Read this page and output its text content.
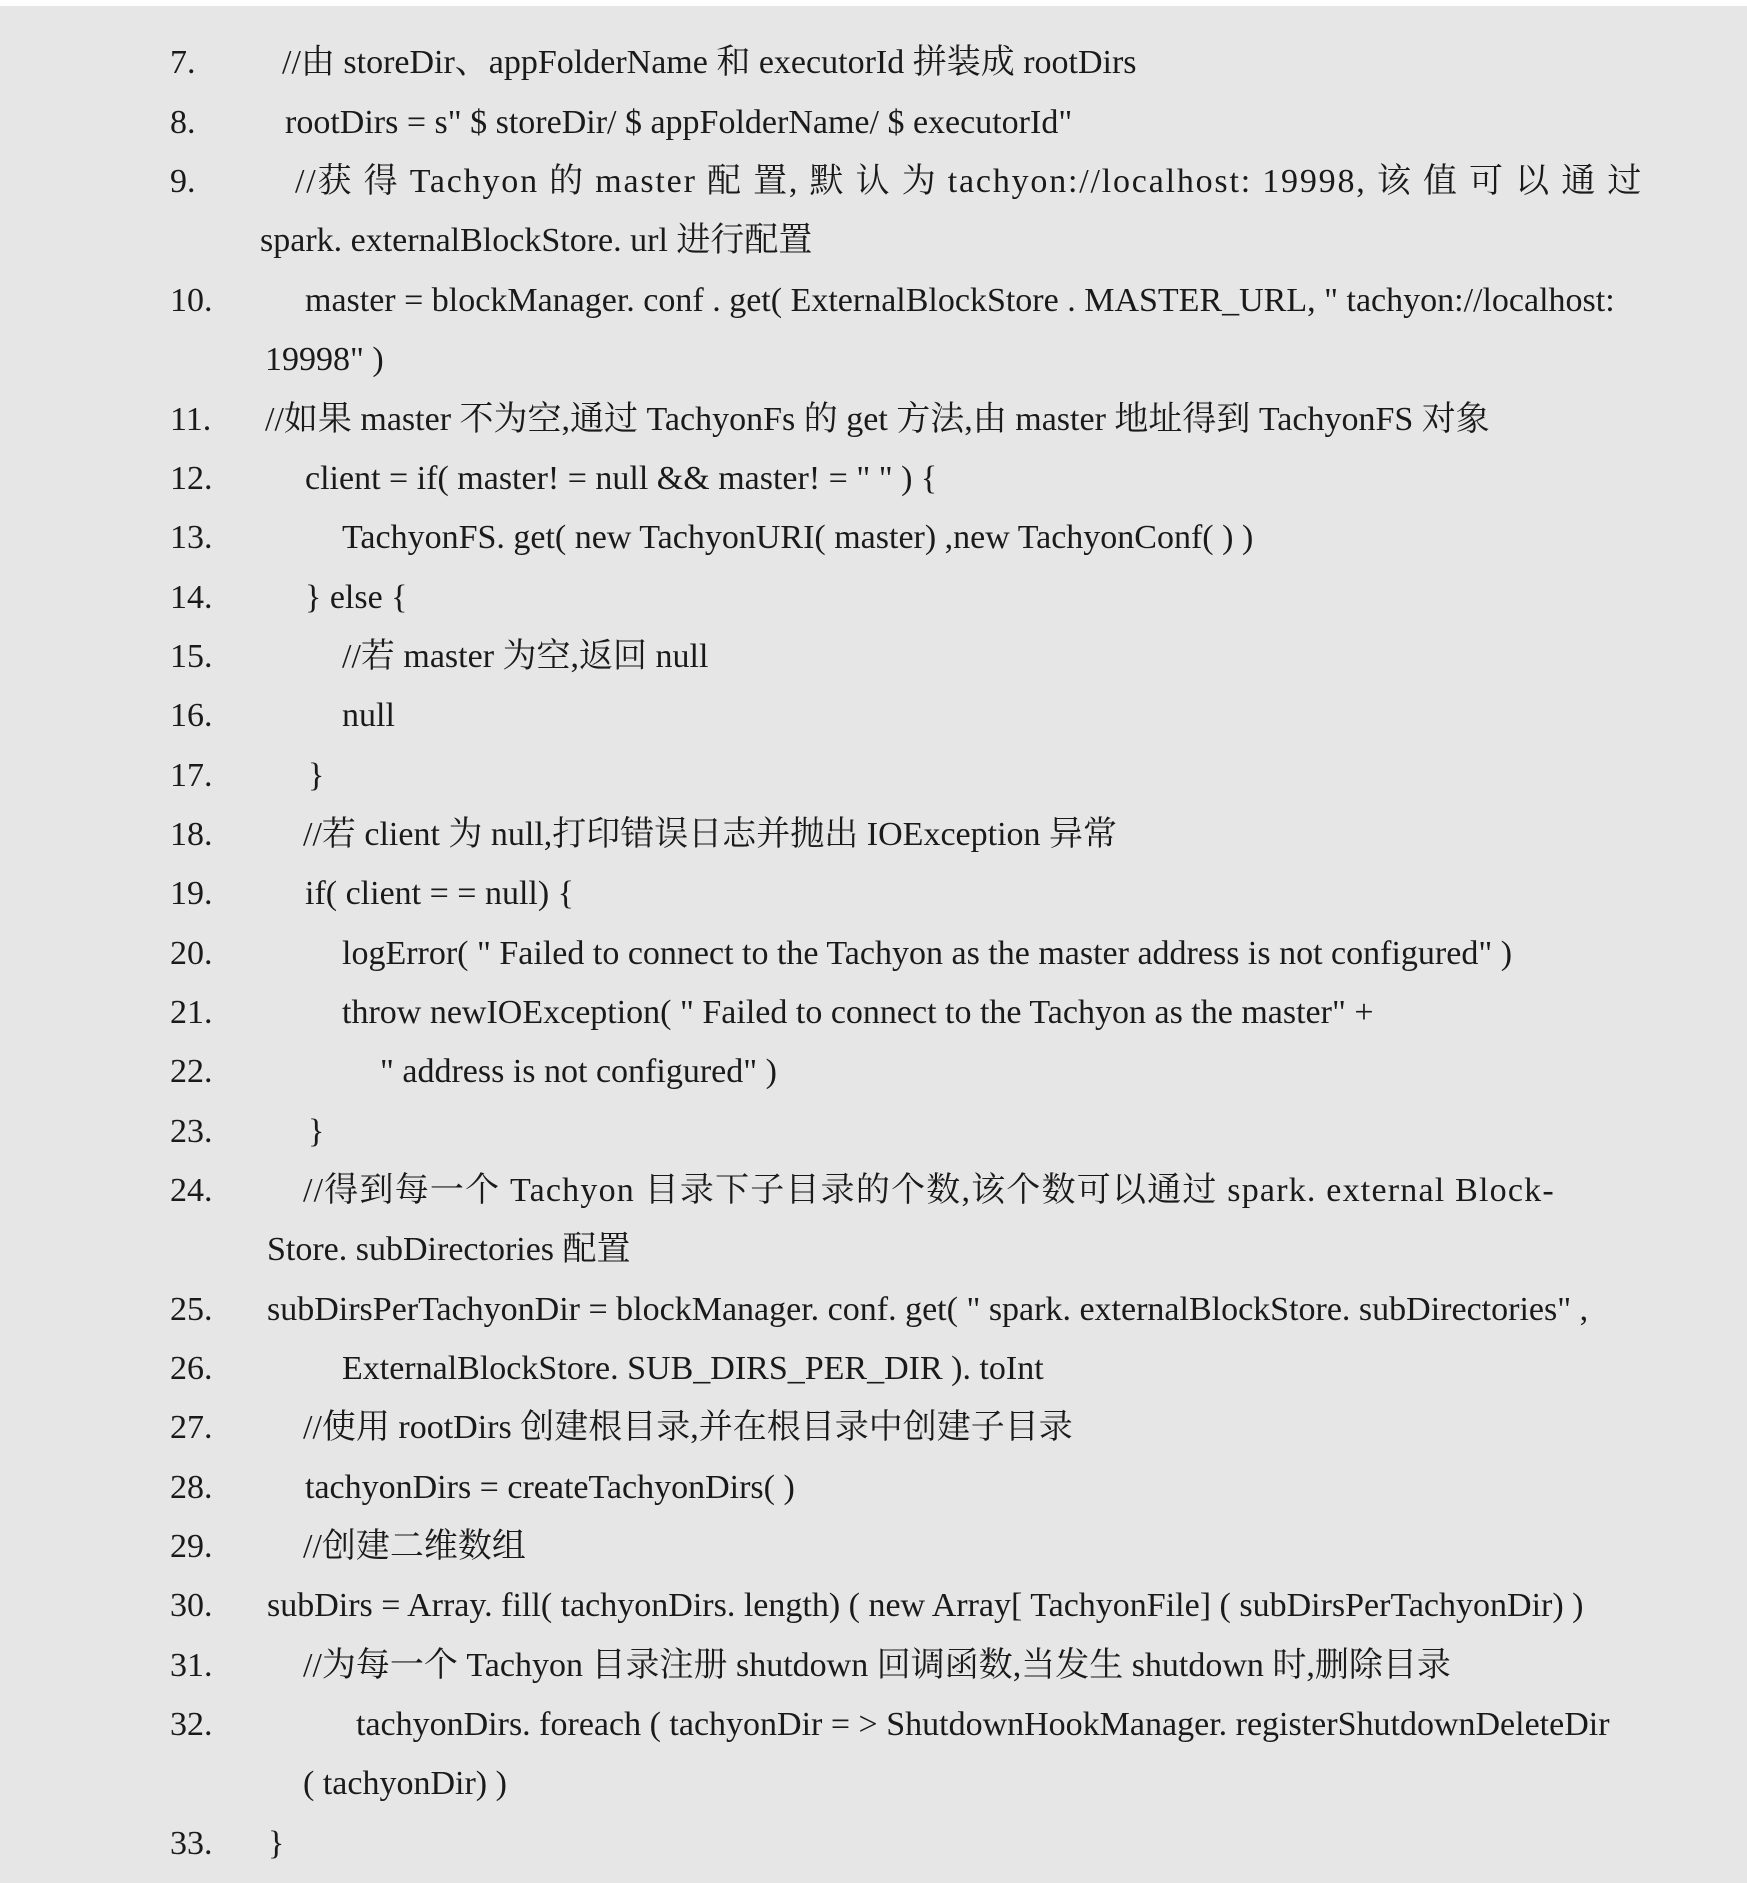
7.	//由 storeDir、appFolderName 和 executorId 拼装成 rootDirs
8.	rootDirs = s" $ storeDir/ $ appFolderName/ $ executorId"
9.	//获 得 Tachyon 的 master 配 置, 默 认 为 tachyon://localhost: 19998, 该 值 可 以 通 过
spark. externalBlockStore. url 进行配置
10.	master = blockManager. conf . get( ExternalBlockStore . MASTER_URL, " tachyon://localhost:
19998" )
11. //如果 master 不为空,通过 TachyonFs 的 get 方法,由 master 地址得到 TachyonFS 对象
12.	client = if( master! = null && master! = " " ) {
13.	TachyonFS. get( new TachyonURI( master) ,new TachyonConf( ) )
14.	} else {
15.	//若 master 为空,返回 null
16.	null
17.	}
18.	//若 client 为 null,打印错误日志并抛出 IOException 异常
19.	if( client = = null) {
20.	logError( " Failed to connect to the Tachyon as the master address is not configured" )
21.	throw newIOException( " Failed to connect to the Tachyon as the master" +
22.	" address is not configured" )
23.	}
24.	//得到每一个 Tachyon 目录下子目录的个数,该个数可以通过 spark. external Block-
Store. subDirectories 配置
25. subDirsPerTachyonDir = blockManager. conf. get( " spark. externalBlockStore. subDirectories" ,
26.	ExternalBlockStore. SUB_DIRS_PER_DIR ). toInt
27.	//使用 rootDirs 创建根目录,并在根目录中创建子目录
28.	tachyonDirs = createTachyonDirs( )
29.	//创建二维数组
30. subDirs = Array. fill( tachyonDirs. length) ( new Array[ TachyonFile] ( subDirsPerTachyonDir) )
31.	//为每一个 Tachyon 目录注册 shutdown 回调函数,当发生 shutdown 时,删除目录
32.	tachyonDirs. foreach ( tachyonDir = > ShutdownHookManager. registerShutdownDeleteDir
( tachyonDir) )
33. }
